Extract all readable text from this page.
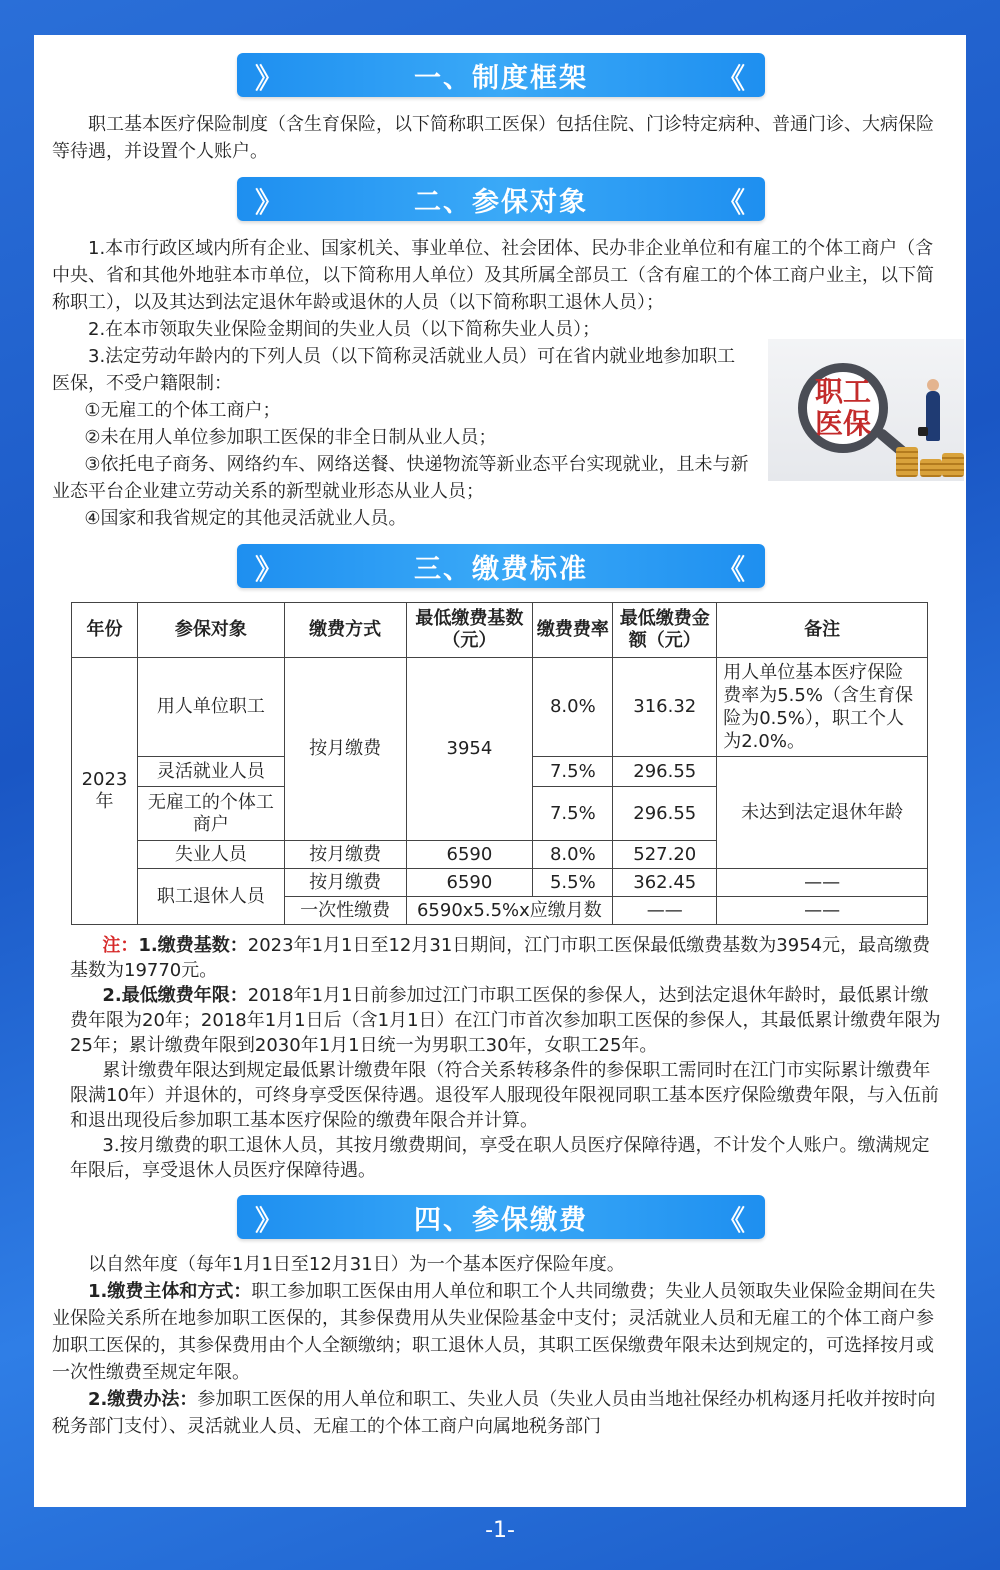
》	一、制度框架	《

职工基本医疗保险制度（含生育保险，以下简称职工医保）包括住院、门诊特定病种、普通门诊、大病保险等待遇，并设置个人账户。

》	二、参保对象	《

1.本市行政区域内所有企业、国家机关、事业单位、社会团体、民办非企业单位和有雇工的个体工商户（含中央、省和其他外地驻本市单位，以下简称用人单位）及其所属全部员工（含有雇工的个体工商户业主，以下简称职工），以及其达到法定退休年龄或退休的人员（以下简称职工退休人员）；

2.在本市领取失业保险金期间的失业人员（以下简称失业人员）；

3.法定劳动年龄内的下列人员（以下简称灵活就业人员）可在省内就业地参加职工医保，不受户籍限制：

①无雇工的个体工商户；

②未在用人单位参加职工医保的非全日制从业人员；

③依托电子商务、网络约车、网络送餐、快递物流等新业态平台实现就业，且未与新业态平台企业建立劳动关系的新型就业形态从业人员；

④国家和我省规定的其他灵活就业人员。

职工
医保
》	三、缴费标准	《
年份	参保对象	缴费方式	最低缴费基数（元）	缴费费率	最低缴费金额（元）	备注
2023年	用人单位职工	按月缴费	3954	8.0%	316.32	用人单位基本医疗保险费率为5.5%（含生育保险为0.5%），职工个人为2.0%。
	灵活就业人员			7.5%	296.55	未达到法定退休年龄
	无雇工的个体工商户			7.5%	296.55	
	失业人员	按月缴费	6590	8.0%	527.20	
	职工退休人员	按月缴费	6590	5.5%	362.45	——
		一次性缴费	6590x5.5%x应缴月数		——	——

注：1.缴费基数：2023年1月1日至12月31日期间，江门市职工医保最低缴费基数为3954元，最高缴费基数为19770元。

2.最低缴费年限：2018年1月1日前参加过江门市职工医保的参保人，达到法定退休年龄时，最低累计缴费年限为20年；2018年1月1日后（含1月1日）在江门市首次参加职工医保的参保人，其最低累计缴费年限为25年；累计缴费年限到2030年1月1日统一为男职工30年，女职工25年。

累计缴费年限达到规定最低累计缴费年限（符合关系转移条件的参保职工需同时在江门市实际累计缴费年限满10年）并退休的，可终身享受医保待遇。退役军人服现役年限视同职工基本医疗保险缴费年限，与入伍前和退出现役后参加职工基本医疗保险的缴费年限合并计算。

3.按月缴费的职工退休人员，其按月缴费期间，享受在职人员医疗保障待遇，不计发个人账户。缴满规定年限后，享受退休人员医疗保障待遇。

》	四、参保缴费	《

以自然年度（每年1月1日至12月31日）为一个基本医疗保险年度。

1.缴费主体和方式：职工参加职工医保由用人单位和职工个人共同缴费；失业人员领取失业保险金期间在失业保险关系所在地参加职工医保的，其参保费用从失业保险基金中支付；灵活就业人员和无雇工的个体工商户参加职工医保的，其参保费用由个人全额缴纳；职工退休人员，其职工医保缴费年限未达到规定的，可选择按月或一次性缴费至规定年限。

2.缴费办法：参加职工医保的用人单位和职工、失业人员（失业人员由当地社保经办机构逐月托收并按时向税务部门支付）、灵活就业人员、无雇工的个体工商户向属地税务部门

-1-
